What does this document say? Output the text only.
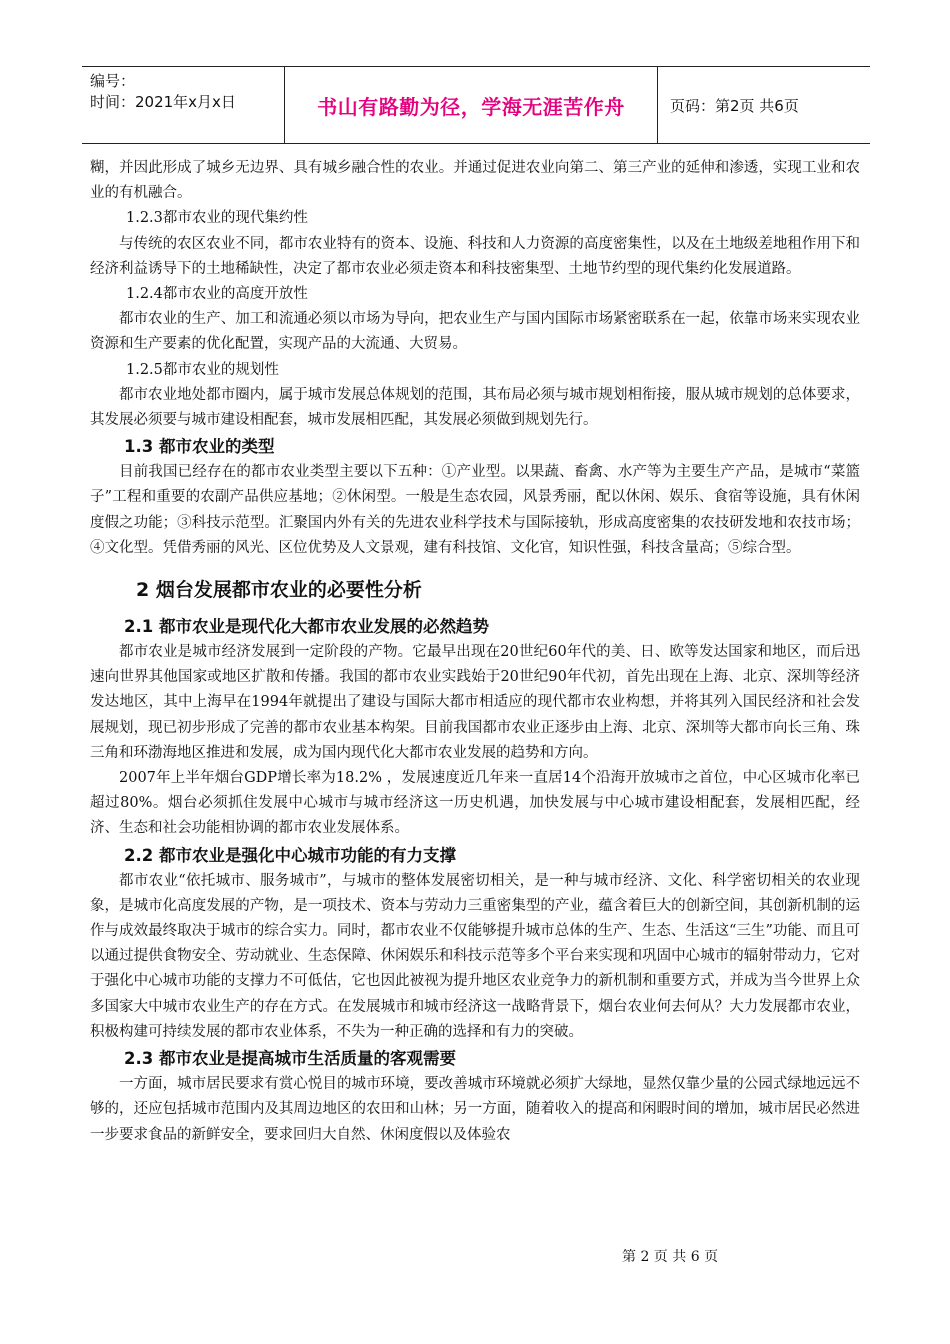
编号：
时间：2021年x月x日	书山有路勤为径，学海无涯苦作舟	页码：第2页 共6页

糊，并因此形成了城乡无边界、具有城乡融合性的农业。并通过促进农业向第二、第三产业的延伸和渗透，实现工业和农业的有机融合。

1.2.3都市农业的现代集约性

与传统的农区农业不同，都市农业特有的资本、设施、科技和人力资源的高度密集性，以及在土地级差地租作用下和经济利益诱导下的土地稀缺性，决定了都市农业必须走资本和科技密集型、土地节约型的现代集约化发展道路。

1.2.4都市农业的高度开放性

都市农业的生产、加工和流通必须以市场为导向，把农业生产与国内国际市场紧密联系在一起，依靠市场来实现农业资源和生产要素的优化配置，实现产品的大流通、大贸易。

1.2.5都市农业的规划性

都市农业地处都市圈内，属于城市发展总体规划的范围，其布局必须与城市规划相衔接，服从城市规划的总体要求，其发展必须要与城市建设相配套，城市发展相匹配，其发展必须做到规划先行。

1.3 都市农业的类型

目前我国已经存在的都市农业类型主要以下五种：①产业型。以果蔬、畜禽、水产等为主要生产产品，是城市“菜篮子”工程和重要的农副产品供应基地；②休闲型。一般是生态农园，风景秀丽，配以休闲、娱乐、食宿等设施，具有休闲度假之功能；③科技示范型。汇聚国内外有关的先进农业科学技术与国际接轨，形成高度密集的农技研发地和农技市场；④文化型。凭借秀丽的风光、区位优势及人文景观，建有科技馆、文化官，知识性强，科技含量高；⑤综合型。

2 烟台发展都市农业的必要性分析

2.1 都市农业是现代化大都市农业发展的必然趋势

都市农业是城市经济发展到一定阶段的产物。它最早出现在20世纪60年代的美、日、欧等发达国家和地区，而后迅速向世界其他国家或地区扩散和传播。我国的都市农业实践始于20世纪90年代初，首先出现在上海、北京、深圳等经济发达地区，其中上海早在1994年就提出了建设与国际大都市相适应的现代都市农业构想，并将其列入国民经济和社会发展规划，现已初步形成了完善的都市农业基本构架。目前我国都市农业正逐步由上海、北京、深圳等大都市向长三角、珠三角和环渤海地区推进和发展，成为国内现代化大都市农业发展的趋势和方向。

2007年上半年烟台GDP增长率为18.2% ，发展速度近几年来一直居14个沿海开放城市之首位，中心区城市化率已超过80%。烟台必须抓住发展中心城市与城市经济这一历史机遇，加快发展与中心城市建设相配套，发展相匹配，经济、生态和社会功能相协调的都市农业发展体系。

2.2 都市农业是强化中心城市功能的有力支撑

都市农业“依托城市、服务城市”，与城市的整体发展密切相关，是一种与城市经济、文化、科学密切相关的农业现象，是城市化高度发展的产物，是一项技术、资本与劳动力三重密集型的产业，蕴含着巨大的创新空间，其创新机制的运作与成效最终取决于城市的综合实力。同时，都市农业不仅能够提升城市总体的生产、生态、生活这“三生”功能、而且可以通过提供食物安全、劳动就业、生态保障、休闲娱乐和科技示范等多个平台来实现和巩固中心城市的辐射带动力，它对于强化中心城市功能的支撑力不可低估，它也因此被视为提升地区农业竞争力的新机制和重要方式，并成为当今世界上众多国家大中城市农业生产的存在方式。在发展城市和城市经济这一战略背景下，烟台农业何去何从？大力发展都市农业，积极构建可持续发展的都市农业体系，不失为一种正确的选择和有力的突破。

2.3 都市农业是提高城市生活质量的客观需要

一方面，城市居民要求有赏心悦目的城市环境，要改善城市环境就必须扩大绿地，显然仅靠少量的公园式绿地远远不够的，还应包括城市范围内及其周边地区的农田和山林；另一方面，随着收入的提高和闲暇时间的增加，城市居民必然进一步要求食品的新鲜安全，要求回归大自然、休闲度假以及体验农

第 2 页 共 6 页
